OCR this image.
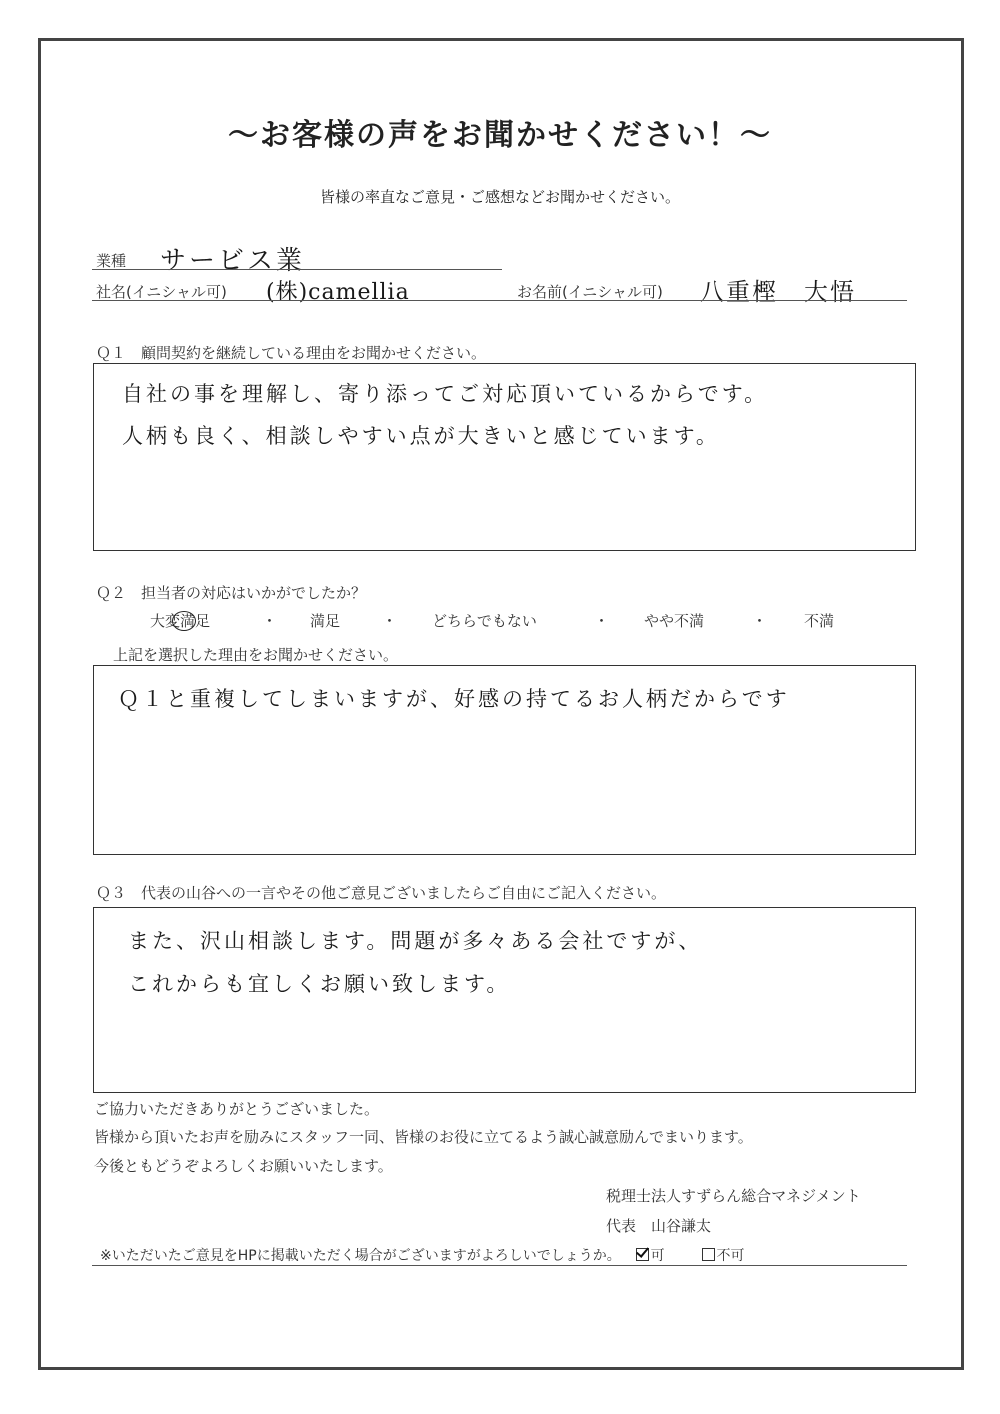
～お客様の声をお聞かせください！～
皆様の率直なご意見・ご感想などお聞かせください。
業種 サービス業
社名(イニシャル可) (株)camellia	お名前(イニシャル可) 八重樫　大悟
Ｑ１　顧問契約を継続している理由をお聞かせください。
自社の事を理解し、寄り添ってご対応頂いているからです。
人柄も良く、相談しやすい点が大きいと感じています。
Ｑ２　担当者の対応はいかがでしたか？
大変満足	・ 満足	・ どちらでもない	・ やや不満	・ 不満
上記を選択した理由をお聞かせください。
Ｑ１と重複してしまいますが、好感の持てるお人柄だからです
Ｑ３　代表の山谷への一言やその他ご意見ございましたらご自由にご記入ください。
また、沢山相談します。問題が多々ある会社ですが、
これからも宜しくお願い致します。
ご協力いただきありがとうございました。
皆様から頂いたお声を励みにスタッフ一同、皆様のお役に立てるよう誠心誠意励んでまいります。
今後ともどうぞよろしくお願いいたします。
税理士法人すずらん総合マネジメント
代表　山谷謙太
※いただいたご意見をHPに掲載いただく場合がございますがよろしいでしょうか。 可	不可
